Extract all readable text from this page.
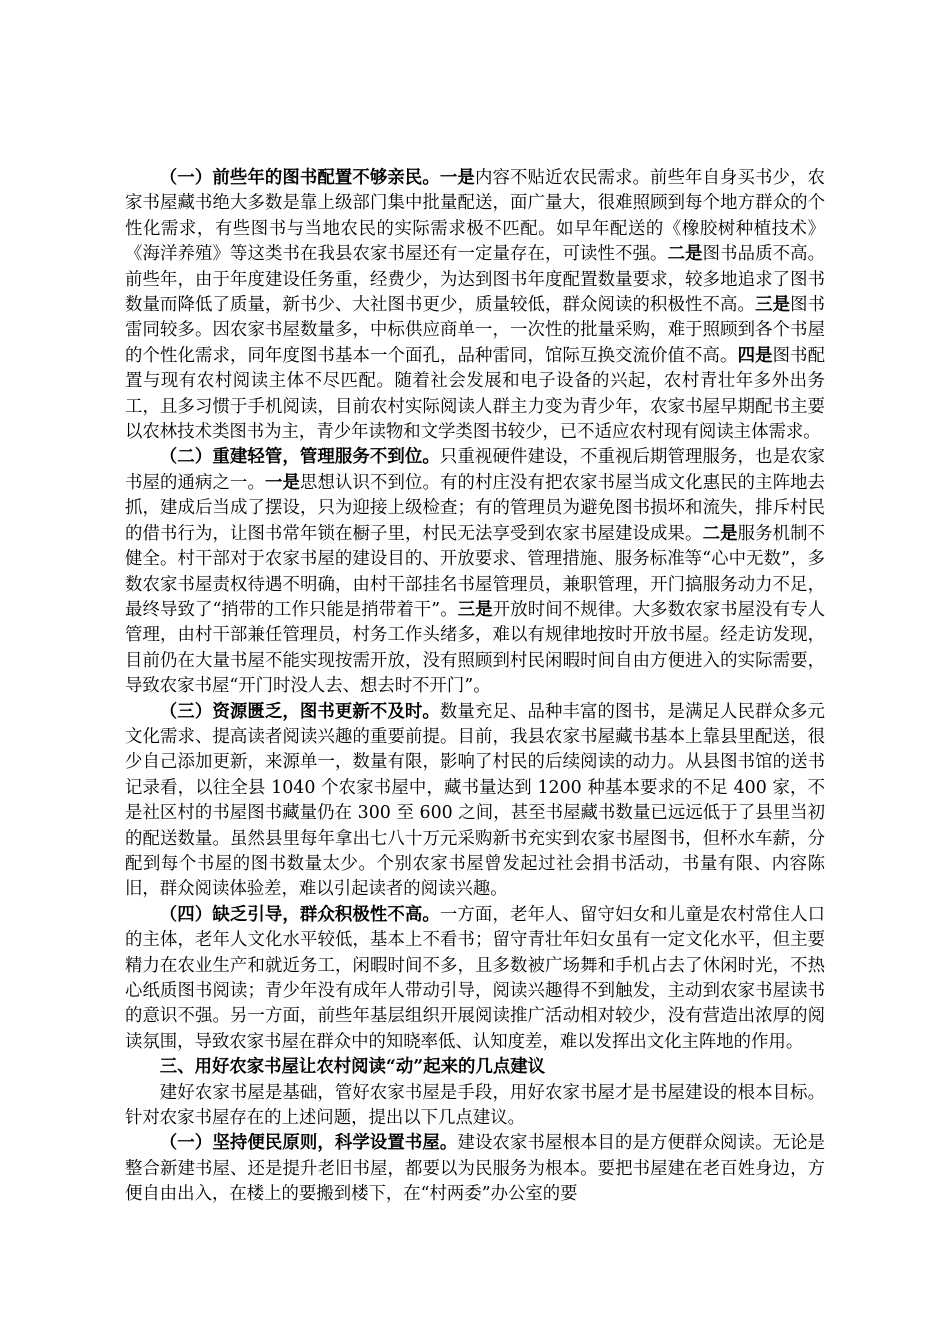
（一）前些年的图书配置不够亲民。一是内容不贴近农民需求。前些年自身买书少，农家书屋藏书绝大多数是靠上级部门集中批量配送，面广量大，很难照顾到每个地方群众的个性化需求，有些图书与当地农民的实际需求极不匹配。如早年配送的《橡胶树种植技术》《海洋养殖》等这类书在我县农家书屋还有一定量存在，可读性不强。二是图书品质不高。前些年，由于年度建设任务重，经费少，为达到图书年度配置数量要求，较多地追求了图书数量而降低了质量，新书少、大社图书更少，质量较低，群众阅读的积极性不高。三是图书雷同较多。因农家书屋数量多，中标供应商单一，一次性的批量采购，难于照顾到各个书屋的个性化需求，同年度图书基本一个面孔，品种雷同，馆际互换交流价值不高。四是图书配置与现有农村阅读主体不尽匹配。随着社会发展和电子设备的兴起，农村青壮年多外出务工，且多习惯于手机阅读，目前农村实际阅读人群主力变为青少年，农家书屋早期配书主要以农林技术类图书为主，青少年读物和文学类图书较少，已不适应农村现有阅读主体需求。

（二）重建轻管，管理服务不到位。只重视硬件建设，不重视后期管理服务，也是农家书屋的通病之一。一是思想认识不到位。有的村庄没有把农家书屋当成文化惠民的主阵地去抓，建成后当成了摆设，只为迎接上级检查；有的管理员为避免图书损坏和流失，排斥村民的借书行为，让图书常年锁在橱子里，村民无法享受到农家书屋建设成果。二是服务机制不健全。村干部对于农家书屋的建设目的、开放要求、管理措施、服务标准等“心中无数”，多数农家书屋责权待遇不明确，由村干部挂名书屋管理员，兼职管理，开门搞服务动力不足，最终导致了“捎带的工作只能是捎带着干”。三是开放时间不规律。大多数农家书屋没有专人管理，由村干部兼任管理员，村务工作头绪多，难以有规律地按时开放书屋。经走访发现，目前仍在大量书屋不能实现按需开放，没有照顾到村民闲暇时间自由方便进入的实际需要，导致农家书屋“开门时没人去、想去时不开门”。

（三）资源匮乏，图书更新不及时。数量充足、品种丰富的图书，是满足人民群众多元文化需求、提高读者阅读兴趣的重要前提。目前，我县农家书屋藏书基本上靠县里配送，很少自己添加更新，来源单一，数量有限，影响了村民的后续阅读的动力。从县图书馆的送书记录看，以往全县 1040 个农家书屋中，藏书量达到 1200 种基本要求的不足 400 家，不是社区村的书屋图书藏量仍在 300 至 600 之间，甚至书屋藏书数量已远远低于了县里当初的配送数量。虽然县里每年拿出七八十万元采购新书充实到农家书屋图书，但杯水车薪，分配到每个书屋的图书数量太少。个别农家书屋曾发起过社会捐书活动，书量有限、内容陈旧，群众阅读体验差，难以引起读者的阅读兴趣。

（四）缺乏引导，群众积极性不高。一方面，老年人、留守妇女和儿童是农村常住人口的主体，老年人文化水平较低，基本上不看书；留守青壮年妇女虽有一定文化水平，但主要精力在农业生产和就近务工，闲暇时间不多，且多数被广场舞和手机占去了休闲时光，不热心纸质图书阅读；青少年没有成年人带动引导，阅读兴趣得不到触发，主动到农家书屋读书的意识不强。另一方面，前些年基层组织开展阅读推广活动相对较少，没有营造出浓厚的阅读氛围，导致农家书屋在群众中的知晓率低、认知度差，难以发挥出文化主阵地的作用。

三、用好农家书屋让农村阅读“动”起来的几点建议

建好农家书屋是基础，管好农家书屋是手段，用好农家书屋才是书屋建设的根本目标。针对农家书屋存在的上述问题，提出以下几点建议。

（一）坚持便民原则，科学设置书屋。建设农家书屋根本目的是方便群众阅读。无论是整合新建书屋、还是提升老旧书屋，都要以为民服务为根本。要把书屋建在老百姓身边，方便自由出入，在楼上的要搬到楼下，在“村两委”办公室的要
